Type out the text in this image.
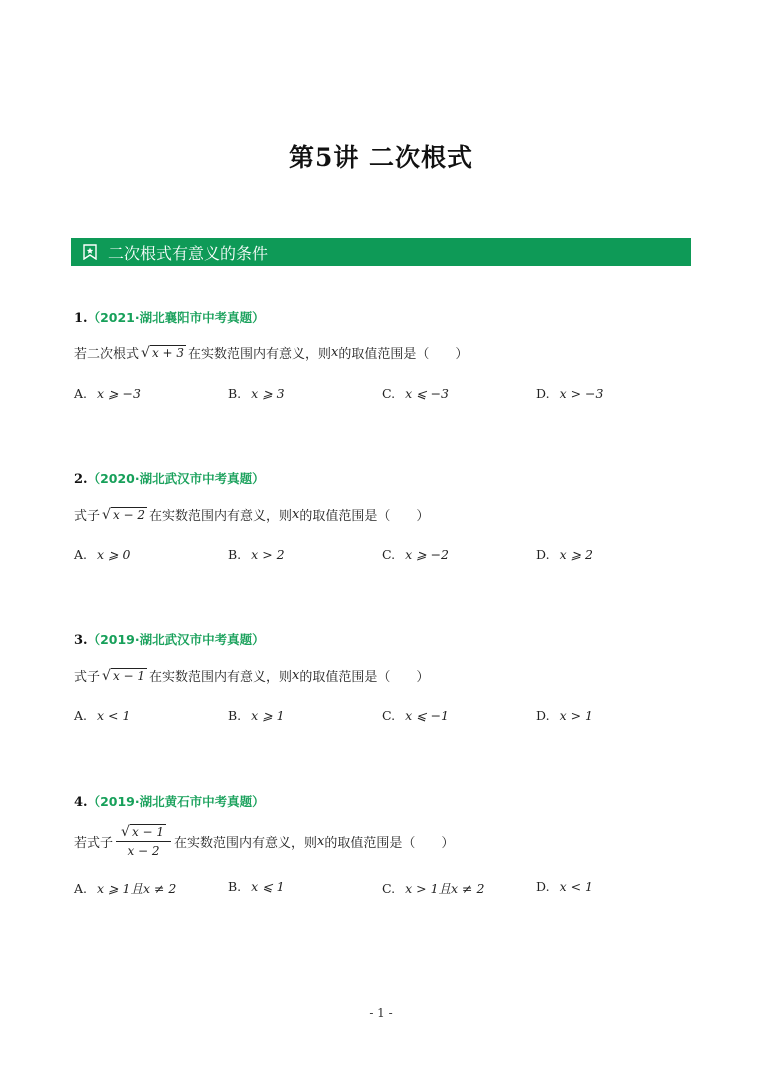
第5讲 二次根式
二次根式有意义的条件
1.（2021·湖北襄阳市中考真题）
若二次根式 √ x + 3 在实数范围内有意义，则 x 的取值范围是（　　）
A. x ⩾ −3	B. x ⩾ 3	C. x ⩽ −3	D. x > −3
2.（2020·湖北武汉市中考真题）
式子 √ x − 2 在实数范围内有意义，则 x 的取值范围是（　　）
A. x ⩾ 0	B. x > 2	C. x ⩾ −2	D. x ⩾ 2
3.（2019·湖北武汉市中考真题）
式子 √ x − 1 在实数范围内有意义，则 x 的取值范围是（　　）
A. x < 1	B. x ⩾ 1	C. x ⩽ −1	D. x > 1
4.（2019·湖北黄石市中考真题）
若式子 $\frac{√ x - 1}{x - 2}$ 在实数范围内有意义，则 x 的取值范围是（　　）
A. x ⩾ 1且x ≠ 2	B. x ⩽ 1	C. x > 1且x ≠ 2	D. x < 1
- 1 -
